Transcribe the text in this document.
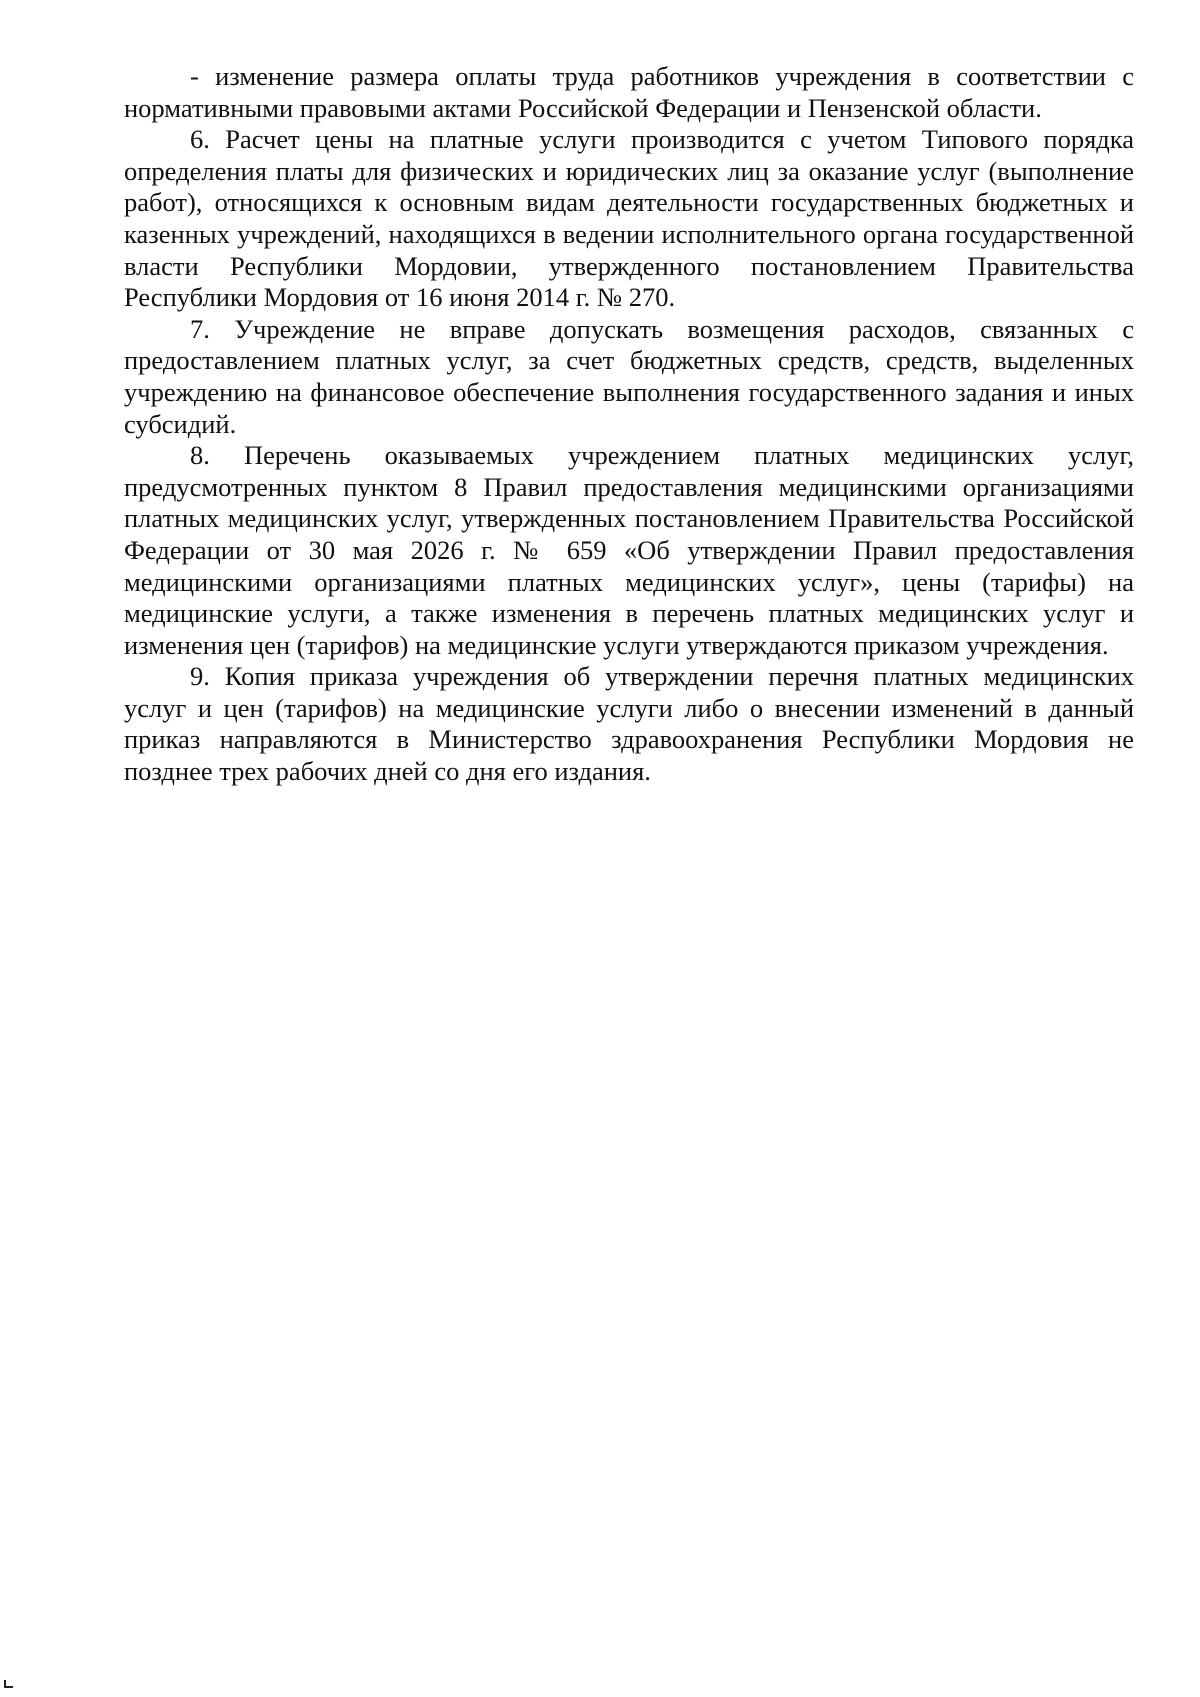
- изменение размера оплаты труда работников учреждения в соответствии с нормативными правовыми актами Российской Федерации и Пензенской области.

6. Расчет цены на платные услуги производится с учетом Типового порядка определения платы для физических и юридических лиц за оказание услуг (выполнение работ), относящихся к основным видам деятельности государственных бюджетных и казенных учреждений, находящихся в ведении исполнительного органа государственной власти Республики Мордовии, утвержденного постановлением Правительства Республики Мордовия от 16 июня 2014 г. № 270.

7. Учреждение не вправе допускать возмещения расходов, связанных с предоставлением платных услуг, за счет бюджетных средств, средств, выделенных учреждению на финансовое обеспечение выполнения государственного задания и иных субсидий.

8. Перечень оказываемых учреждением платных медицинских услуг, предусмотренных пунктом 8 Правил предоставления медицинскими организациями платных медицинских услуг, утвержденных постановлением Правительства Российской Федерации от 30 мая 2026 г. № 659 «Об утверждении Правил предоставления медицинскими организациями платных медицинских услуг», цены (тарифы) на медицинские услуги, а также изменения в перечень платных медицинских услуг и изменения цен (тарифов) на медицинские услуги утверждаются приказом учреждения.

9. Копия приказа учреждения об утверждении перечня платных медицинских услуг и цен (тарифов) на медицинские услуги либо о внесении изменений в данный приказ направляются в Министерство здравоохранения Республики Мордовия не позднее трех рабочих дней со дня его издания.
